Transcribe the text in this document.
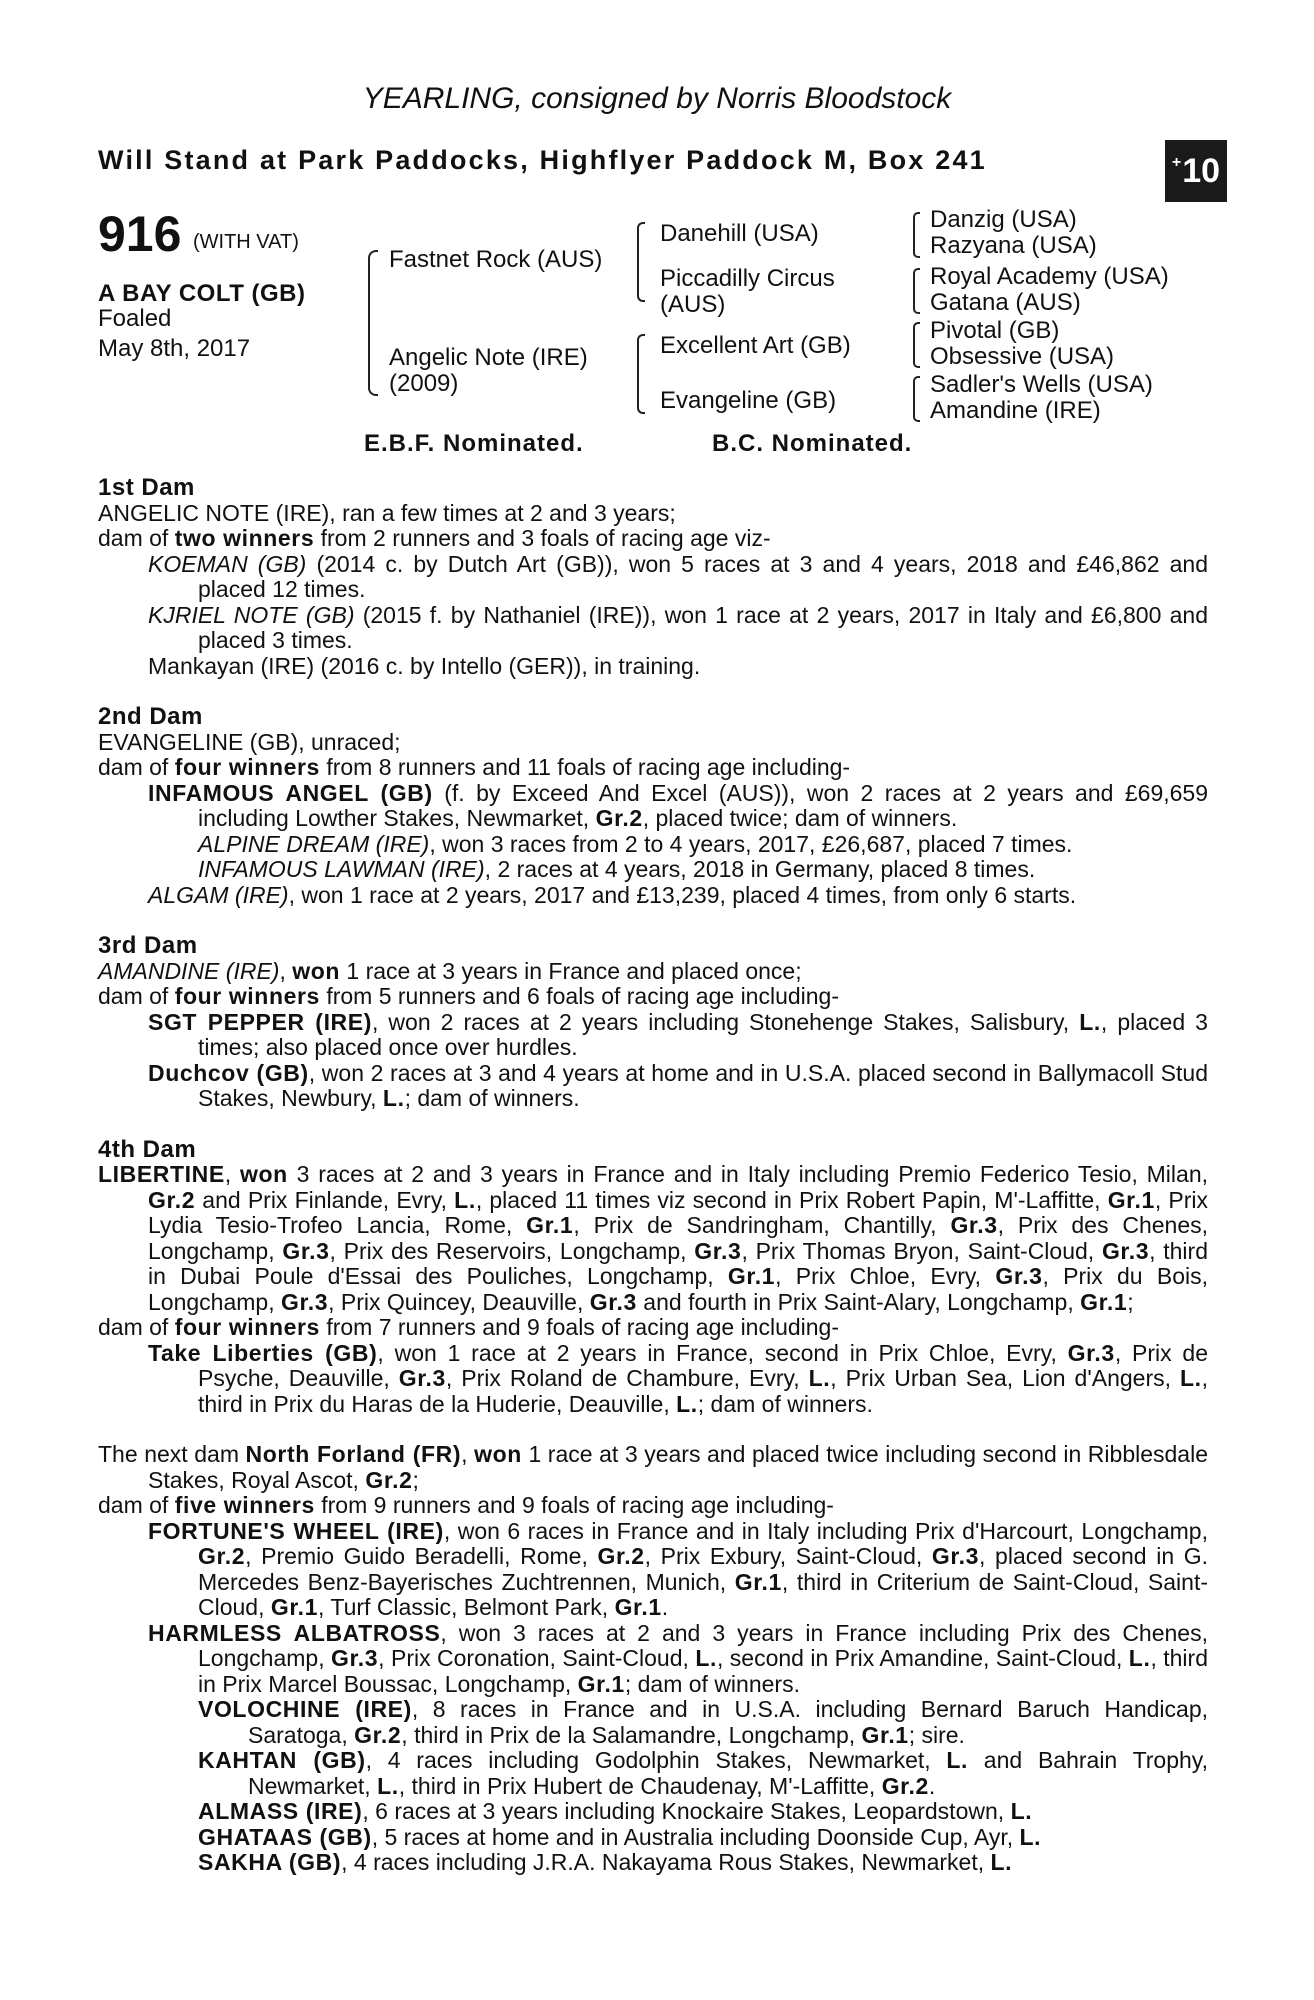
YEARLING, consigned by Norris Bloodstock
Will Stand at Park Paddocks, Highflyer Paddock M, Box 241	+ 10
916 (WITH VAT)
A BAY COLT (GB)
Foaled
May 8th, 2017
Fastnet Rock (AUS)
Angelic Note (IRE)
(2009)
Danehill (USA)
Piccadilly Circus
(AUS)
Excellent Art (GB)
Evangeline (GB)
Danzig (USA)
Razyana (USA)
Royal Academy (USA)
Gatana (AUS)
Pivotal (GB)
Obsessive (USA)
Sadler's Wells (USA)
Amandine (IRE)
E.B.F. Nominated.	B.C. Nominated.

1st Dam

ANGELIC NOTE (IRE), ran a few times at 2 and 3 years;

dam of two winners from 2 runners and 3 foals of racing age viz-

KOEMAN (GB) (2014 c. by Dutch Art (GB)), won 5 races at 3 and 4 years, 2018 and £46,862 and placed 12 times.

KJRIEL NOTE (GB) (2015 f. by Nathaniel (IRE)), won 1 race at 2 years, 2017 in Italy and £6,800 and placed 3 times.

Mankayan (IRE) (2016 c. by Intello (GER)), in training.

2nd Dam

EVANGELINE (GB), unraced;

dam of four winners from 8 runners and 11 foals of racing age including-

INFAMOUS ANGEL (GB) (f. by Exceed And Excel (AUS)), won 2 races at 2 years and £69,659 including Lowther Stakes, Newmarket, Gr.2, placed twice; dam of winners.

ALPINE DREAM (IRE), won 3 races from 2 to 4 years, 2017, £26,687, placed 7 times.

INFAMOUS LAWMAN (IRE), 2 races at 4 years, 2018 in Germany, placed 8 times.

ALGAM (IRE), won 1 race at 2 years, 2017 and £13,239, placed 4 times, from only 6 starts.

3rd Dam

AMANDINE (IRE), won 1 race at 3 years in France and placed once;

dam of four winners from 5 runners and 6 foals of racing age including-

SGT PEPPER (IRE), won 2 races at 2 years including Stonehenge Stakes, Salisbury, L., placed 3 times; also placed once over hurdles.

Duchcov (GB), won 2 races at 3 and 4 years at home and in U.S.A. placed second in Ballymacoll Stud Stakes, Newbury, L.; dam of winners.

4th Dam

LIBERTINE, won 3 races at 2 and 3 years in France and in Italy including Premio Federico Tesio, Milan, Gr.2 and Prix Finlande, Evry, L., placed 11 times viz second in Prix Robert Papin, M'-Laffitte, Gr.1, Prix Lydia Tesio-Trofeo Lancia, Rome, Gr.1, Prix de Sandringham, Chantilly, Gr.3, Prix des Chenes, Longchamp, Gr.3, Prix des Reservoirs, Longchamp, Gr.3, Prix Thomas Bryon, Saint-Cloud, Gr.3, third in Dubai Poule d'Essai des Pouliches, Longchamp, Gr.1, Prix Chloe, Evry, Gr.3, Prix du Bois, Longchamp, Gr.3, Prix Quincey, Deauville, Gr.3 and fourth in Prix Saint-Alary, Longchamp, Gr.1;

dam of four winners from 7 runners and 9 foals of racing age including-

Take Liberties (GB), won 1 race at 2 years in France, second in Prix Chloe, Evry, Gr.3, Prix de Psyche, Deauville, Gr.3, Prix Roland de Chambure, Evry, L., Prix Urban Sea, Lion d'Angers, L., third in Prix du Haras de la Huderie, Deauville, L.; dam of winners.

The next dam North Forland (FR), won 1 race at 3 years and placed twice including second in Ribblesdale Stakes, Royal Ascot, Gr.2;

dam of five winners from 9 runners and 9 foals of racing age including-

FORTUNE'S WHEEL (IRE), won 6 races in France and in Italy including Prix d'Harcourt, Longchamp, Gr.2, Premio Guido Beradelli, Rome, Gr.2, Prix Exbury, Saint-Cloud, Gr.3, placed second in G. Mercedes Benz-Bayerisches Zuchtrennen, Munich, Gr.1, third in Criterium de Saint-Cloud, Saint-Cloud, Gr.1, Turf Classic, Belmont Park, Gr.1.

HARMLESS ALBATROSS, won 3 races at 2 and 3 years in France including Prix des Chenes, Longchamp, Gr.3, Prix Coronation, Saint-Cloud, L., second in Prix Amandine, Saint-Cloud, L., third in Prix Marcel Boussac, Longchamp, Gr.1; dam of winners.

VOLOCHINE (IRE), 8 races in France and in U.S.A. including Bernard Baruch Handicap, Saratoga, Gr.2, third in Prix de la Salamandre, Longchamp, Gr.1; sire.

KAHTAN (GB), 4 races including Godolphin Stakes, Newmarket, L. and Bahrain Trophy, Newmarket, L., third in Prix Hubert de Chaudenay, M'-Laffitte, Gr.2.

ALMASS (IRE), 6 races at 3 years including Knockaire Stakes, Leopardstown, L.

GHATAAS (GB), 5 races at home and in Australia including Doonside Cup, Ayr, L.

SAKHA (GB), 4 races including J.R.A. Nakayama Rous Stakes, Newmarket, L.
